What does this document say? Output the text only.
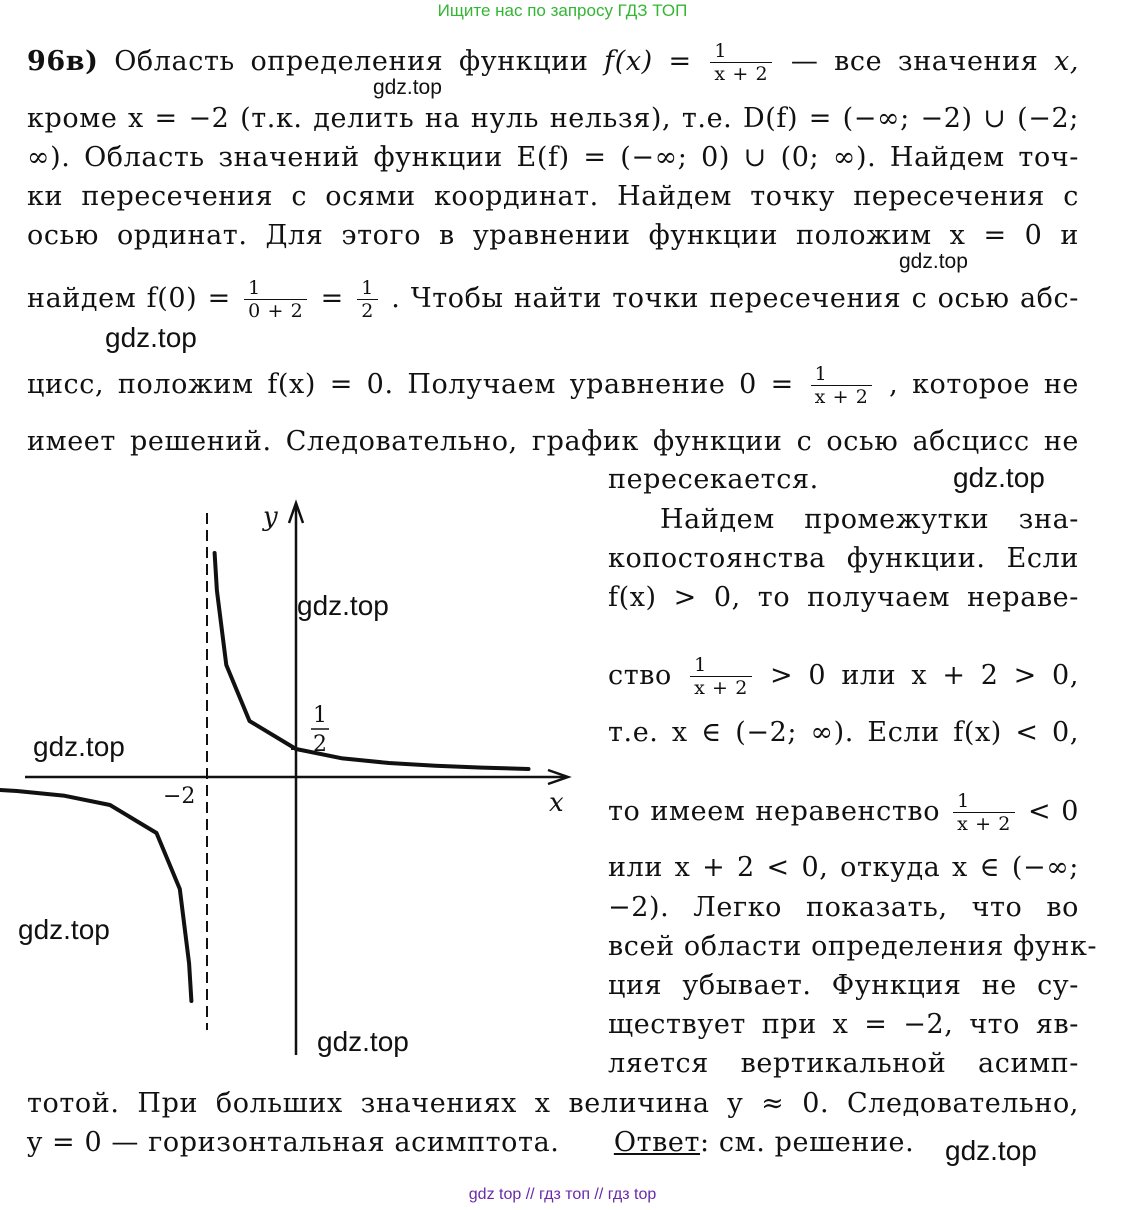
Ищите нас по запросу ГДЗ ТОП
96в) Область определения функции $f(x) = \frac{1}{x + 2}$ — все значения x,
кроме x = −2 (т.к. делить на нуль нельзя), т.е. D(f) = (−∞; −2) ∪ (−2;
∞). Область значений функции E(f) = (−∞; 0) ∪ (0; ∞). Найдем точ-
ки пересечения с осями координат. Найдем точку пересечения с
осью ординат. Для этого в уравнении функции положим x = 0 и
найдем $f(0) = \frac{1}{0 + 2} = \frac{1}{2}$ . Чтобы найти точки пересечения с осью абс-
цисс, положим f(x) = 0. Получаем уравнение $0 = \frac{1}{x + 2}$ , которое не
имеет решений. Следовательно, график функции с осью абсцисс не
пересекается.
Найдем промежутки зна-
копостоянства функции. Если
f(x) > 0, то получаем нераве-
ство $\frac{1}{x + 2} > 0$ или x + 2 > 0,
т.е. x ∈ (−2; ∞). Если f(x) < 0,
то имеем неравенство $\frac{1}{x + 2} < 0$
или x + 2 < 0, откуда x ∈ (−∞;
−2). Легко показать, что во
всей области определения функ-
ция убывает. Функция не су-
ществует при x = −2, что яв-
ляется вертикальной асимп-
тотой. При больших значениях x величина y ≈ 0. Следовательно,
y = 0 — горизонтальная асимптота. Ответ: см. решение.
y
x
−2
1
2
gdz.top
gdz.top
gdz.top
gdz.top
gdz.top
gdz.top
gdz.top
gdz.top
gdz.top
gdz top // гдз топ // гдз top
